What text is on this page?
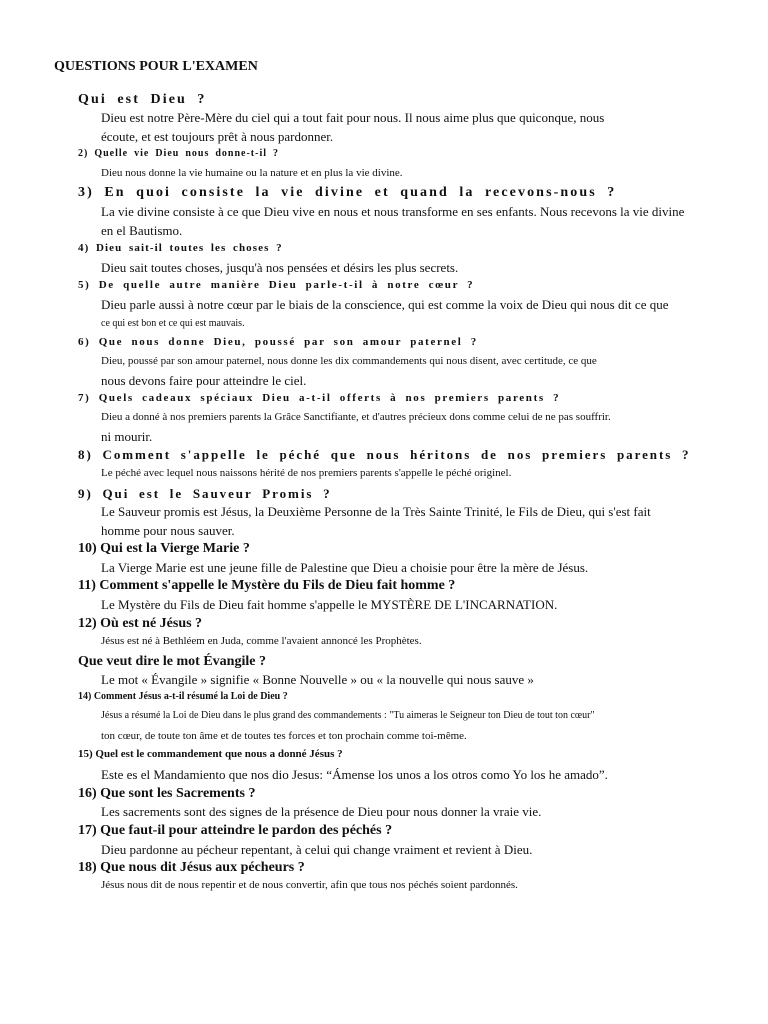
QUESTIONS POUR L'EXAMEN
Qui est Dieu ?
Dieu est notre Père-Mère du ciel qui a tout fait pour nous. Il nous aime plus que quiconque, nous
écoute, et est toujours prêt à nous pardonner.
2) Quelle vie Dieu nous donne-t-il ?
Dieu nous donne la vie humaine ou la nature et en plus la vie divine.
3) En quoi consiste la vie divine et quand la recevons-nous ?
La vie divine consiste à ce que Dieu vive en nous et nous transforme en ses enfants. Nous recevons la vie divine
en el Bautismo.
4) Dieu sait-il toutes les choses ?
Dieu sait toutes choses, jusqu'à nos pensées et désirs les plus secrets.
5) De quelle autre manière Dieu parle-t-il à notre cœur ?
Dieu parle aussi à notre cœur par le biais de la conscience, qui est comme la voix de Dieu qui nous dit ce que
ce qui est bon et ce qui est mauvais.
6) Que nous donne Dieu, poussé par son amour paternel ?
Dieu, poussé par son amour paternel, nous donne les dix commandements qui nous disent, avec certitude, ce que
nous devons faire pour atteindre le ciel.
7) Quels cadeaux spéciaux Dieu a-t-il offerts à nos premiers parents ?
Dieu a donné à nos premiers parents la Grâce Sanctifiante, et d'autres précieux dons comme celui de ne pas souffrir.
ni mourir.
8) Comment s'appelle le péché que nous héritons de nos premiers parents ?
Le péché avec lequel nous naissons hérité de nos premiers parents s'appelle le péché originel.
9) Qui est le Sauveur Promis ?
Le Sauveur promis est Jésus, la Deuxième Personne de la Très Sainte Trinité, le Fils de Dieu, qui s'est fait
homme pour nous sauver.
10) Qui est la Vierge Marie ?
La Vierge Marie est une jeune fille de Palestine que Dieu a choisie pour être la mère de Jésus.
11) Comment s'appelle le Mystère du Fils de Dieu fait homme ?
Le Mystère du Fils de Dieu fait homme s'appelle le MYSTÈRE DE L'INCARNATION.
12) Où est né Jésus ?
Jésus est né à Bethléem en Juda, comme l'avaient annoncé les Prophètes.
Que veut dire le mot Évangile ?
Le mot « Évangile » signifie « Bonne Nouvelle » ou « la nouvelle qui nous sauve »
14) Comment Jésus a-t-il résumé la Loi de Dieu ?
Jésus a résumé la Loi de Dieu dans le plus grand des commandements : "Tu aimeras le Seigneur ton Dieu de tout ton cœur"
ton cœur, de toute ton âme et de toutes tes forces et ton prochain comme toi-même.
15) Quel est le commandement que nous a donné Jésus ?
Este es el Mandamiento que nos dio Jesus: “Ámense los unos a los otros como Yo los he amado”.
16) Que sont les Sacrements ?
Les sacrements sont des signes de la présence de Dieu pour nous donner la vraie vie.
17) Que faut-il pour atteindre le pardon des péchés ?
Dieu pardonne au pécheur repentant, à celui qui change vraiment et revient à Dieu.
18) Que nous dit Jésus aux pécheurs ?
Jésus nous dit de nous repentir et de nous convertir, afin que tous nos péchés soient pardonnés.
